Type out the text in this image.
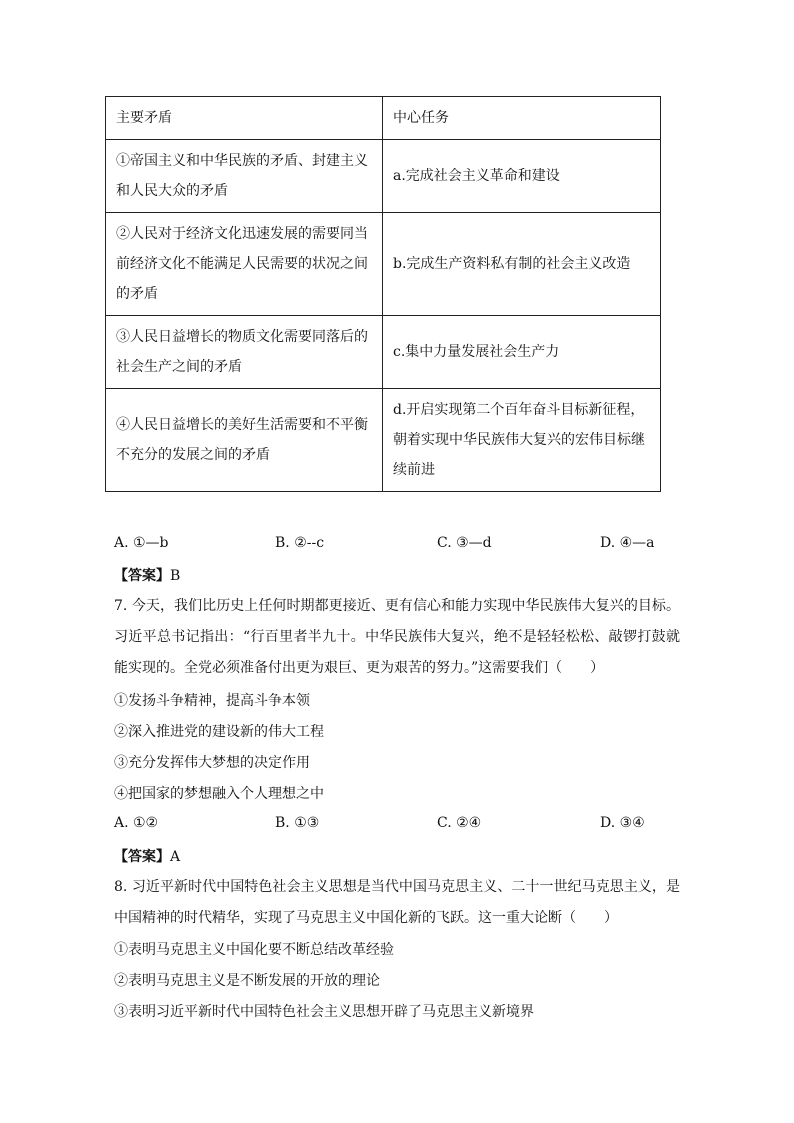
主要矛盾	中心任务
①帝国主义和中华民族的矛盾、封建主义和人民大众的矛盾	a.完成社会主义革命和建设
②人民对于经济文化迅速发展的需要同当前经济文化不能满足人民需要的状况之间的矛盾	b.完成生产资料私有制的社会主义改造
③人民日益增长的物质文化需要同落后的社会生产之间的矛盾	c.集中力量发展社会生产力
④人民日益增长的美好生活需要和不平衡不充分的发展之间的矛盾	d.开启实现第二个百年奋斗目标新征程，朝着实现中华民族伟大复兴的宏伟目标继续前进
A. ①—b	B. ②--c	C. ③—d	D. ④—a
【答案】B
7. 今天，我们比历史上任何时期都更接近、更有信心和能力实现中华民族伟大复兴的目标。习近平总书记指出：“行百里者半九十。中华民族伟大复兴，绝不是轻轻松松、敲锣打鼓就能实现的。全党必须准备付出更为艰巨、更为艰苦的努力。”这需要我们（　　）
①发扬斗争精神，提高斗争本领
②深入推进党的建设新的伟大工程
③充分发挥伟大梦想的决定作用
④把国家的梦想融入个人理想之中
A. ①②	B. ①③	C. ②④	D. ③④
【答案】A
8. 习近平新时代中国特色社会主义思想是当代中国马克思主义、二十一世纪马克思主义，是中国精神的时代精华，实现了马克思主义中国化新的飞跃。这一重大论断（　　）
①表明马克思主义中国化要不断总结改革经验
②表明马克思主义是不断发展的开放的理论
③表明习近平新时代中国特色社会主义思想开辟了马克思主义新境界
